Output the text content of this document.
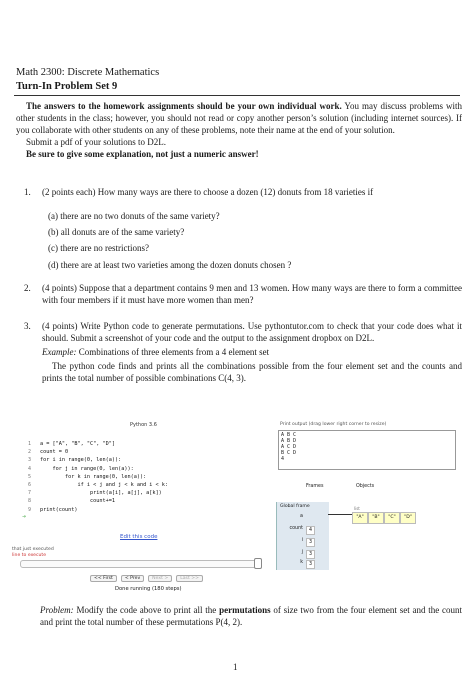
Math 2300: Discrete Mathematics
Turn-In Problem Set 9
The answers to the homework assignments should be your own individual work. You may discuss problems with other students in the class; however, you should not read or copy another person’s solution (including internet sources). If you collaborate with other students on any of these problems, note their name at the end of your solution.
Submit a pdf of your solutions to D2L.
Be sure to give some explanation, not just a numeric answer!
1. (2 points each) How many ways are there to choose a dozen (12) donuts from 18 varieties if
(a) there are no two donuts of the same variety?
(b) all donuts are of the same variety?
(c) there are no restrictions?
(d) there are at least two varieties among the dozen donuts chosen ?
2. (4 points) Suppose that a department contains 9 men and 13 women. How many ways are there to form a committee with four members if it must have more women than men?
3. (4 points) Write Python code to generate permutations. Use pythontutor.com to check that your code does what it should. Submit a screenshot of your code and the output to the assignment dropbox on D2L.
Example: Combinations of three elements from a 4 element set
The python code finds and prints all the combinations possible from the four element set and the counts and prints the total number of possible combinations C(4, 3).
Python 3.6
1
2
3
4
5
6
7
8
9
a = ["A", "B", "C", "D"]
count = 0
for i in range(0, len(a)):
for j in range(0, len(a)):
for k in range(0, len(a)):
if i < j and j < k and i < k:
print(a[i], a[j], a[k])
count+=1
print(count)
➜
Edit this code
that just executed
line to execute
<< First	< Prev	Next >	Last >>
Done running (180 steps)
Print output (drag lower right corner to resize)
A B C
A B D
A C D
B C D
4
Frames	Objects
Global frame
a
count	4
i	3
j	3
k	3
list
"A"	"B"	"C"	"D"
Problem: Modify the code above to print all the permutations of size two from the four element set and the count and print the total number of these permutations P(4, 2).
1
